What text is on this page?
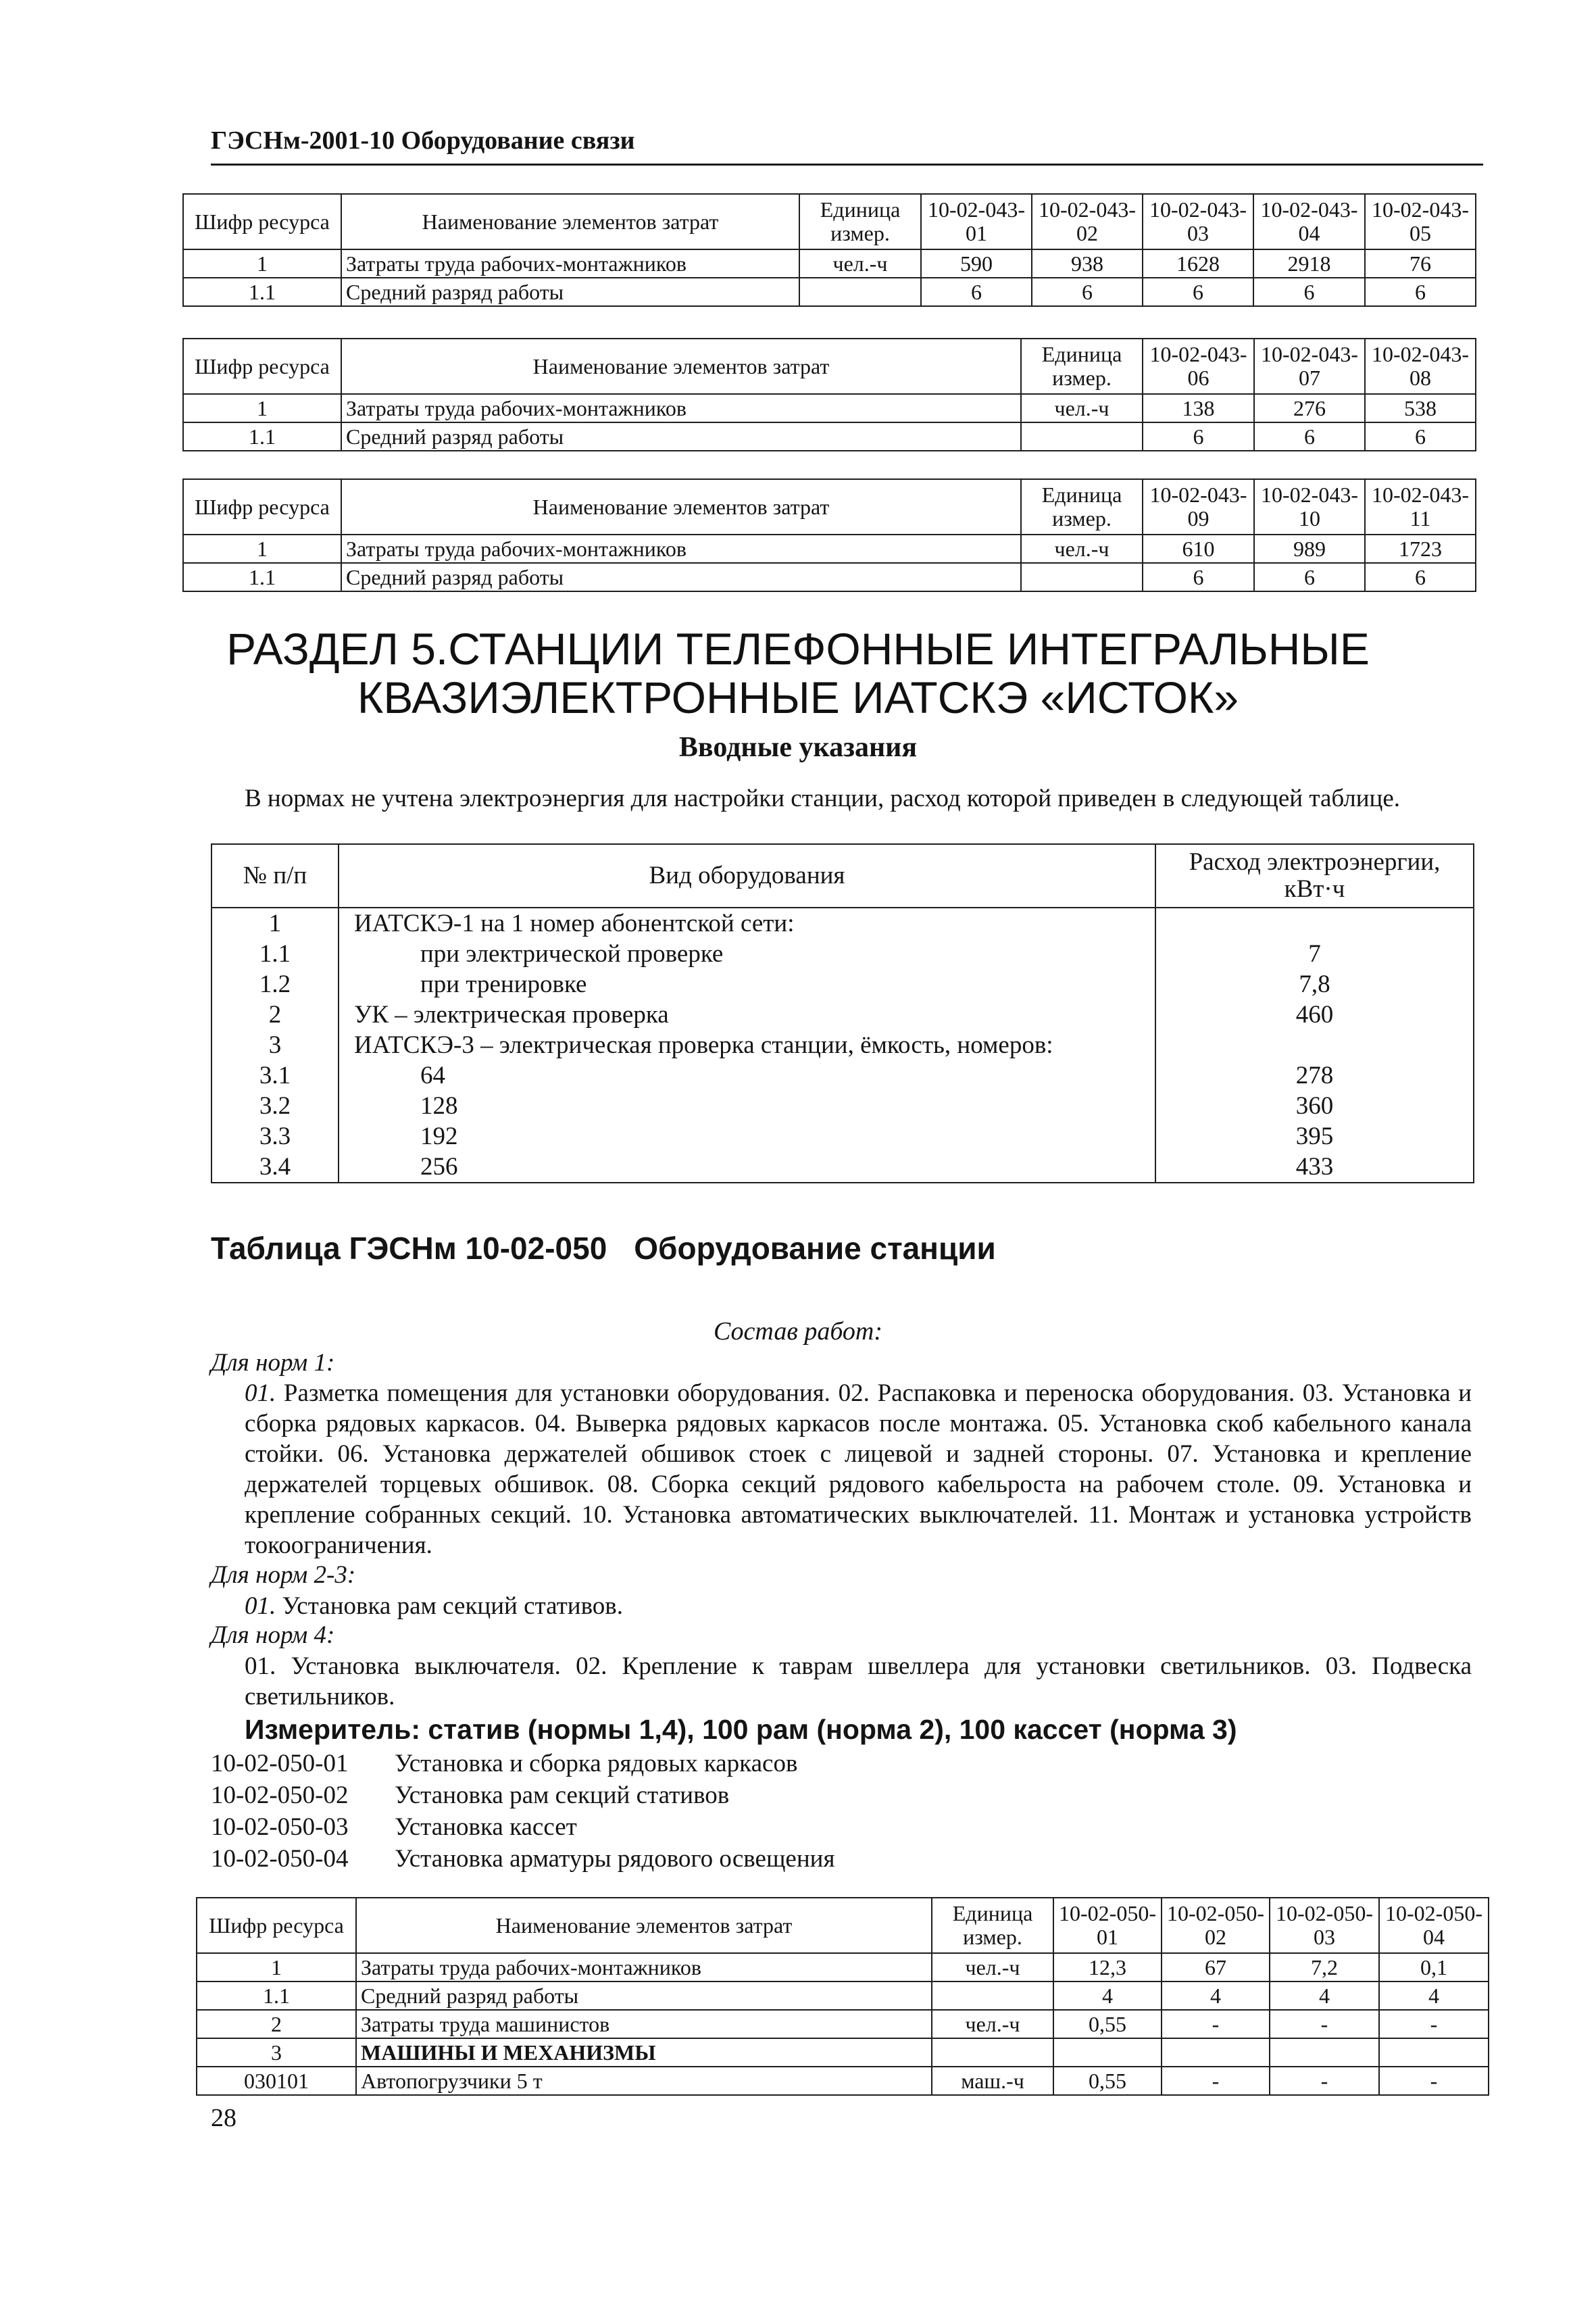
ГЭСНм-2001-10 Оборудование связи
Шифр ресурса	Наименование элементов затрат	Единица измер.	10-02-043-01	10-02-043-02	10-02-043-03	10-02-043-04	10-02-043-05
1	Затраты труда рабочих-монтажников	чел.-ч	590	938	1628	2918	76
1.1	Средний разряд работы		6	6	6	6	6
Шифр ресурса	Наименование элементов затрат	Единица измер.	10-02-043-06	10-02-043-07	10-02-043-08
1	Затраты труда рабочих-монтажников	чел.-ч	138	276	538
1.1	Средний разряд работы		6	6	6
Шифр ресурса	Наименование элементов затрат	Единица измер.	10-02-043-09	10-02-043-10	10-02-043-11
1	Затраты труда рабочих-монтажников	чел.-ч	610	989	1723
1.1	Средний разряд работы		6	6	6
РАЗДЕЛ 5.СТАНЦИИ ТЕЛЕФОННЫЕ ИНТЕГРАЛЬНЫЕ
КВАЗИЭЛЕКТРОННЫЕ ИАТСКЭ «ИСТОК»
Вводные указания
В нормах не учтена электроэнергия для настройки станции, расход которой приведен в следующей таблице.
№ п/п	Вид оборудования	Расход электроэнергии, кВт·ч
1	ИАТСКЭ-1 на 1 номер абонентской сети:	
1.1	при электрической проверке	7
1.2	при тренировке	7,8
2	УК – электрическая проверка	460
3	ИАТСКЭ-3 – электрическая проверка станции, ёмкость, номеров:	
3.1	64	278
3.2	128	360
3.3	192	395
3.4	256	433
Таблица ГЭСНм 10-02-050 Оборудование станции
Состав работ:
Для норм 1:
01. Разметка помещения для установки оборудования. 02. Распаковка и переноска оборудования. 03. Установка и сборка рядовых каркасов. 04. Выверка рядовых каркасов после монтажа. 05. Установка скоб кабельного канала стойки. 06. Установка держателей обшивок стоек с лицевой и задней стороны. 07. Установка и крепление держателей торцевых обшивок. 08. Сборка секций рядового кабельроста на рабочем столе. 09. Установка и крепление собранных секций. 10. Установка автоматических выключателей. 11. Монтаж и установка устройств токоограничения.
Для норм 2-3:
01. Установка рам секций стативов.
Для норм 4:
01. Установка выключателя. 02. Крепление к таврам швеллера для установки светильников. 03. Подвеска светильников.
Измеритель: статив (нормы 1,4), 100 рам (норма 2), 100 кассет (норма 3)
10-02-050-01 Установка и сборка рядовых каркасов
10-02-050-02 Установка рам секций стативов
10-02-050-03 Установка кассет
10-02-050-04 Установка арматуры рядового освещения
Шифр ресурса	Наименование элементов затрат	Единица измер.	10-02-050-01	10-02-050-02	10-02-050-03	10-02-050-04
1	Затраты труда рабочих-монтажников	чел.-ч	12,3	67	7,2	0,1
1.1	Средний разряд работы		4	4	4	4
2	Затраты труда машинистов	чел.-ч	0,55	-	-	-
3	МАШИНЫ И МЕХАНИЗМЫ					
030101	Автопогрузчики 5 т	маш.-ч	0,55	-	-	-
28
